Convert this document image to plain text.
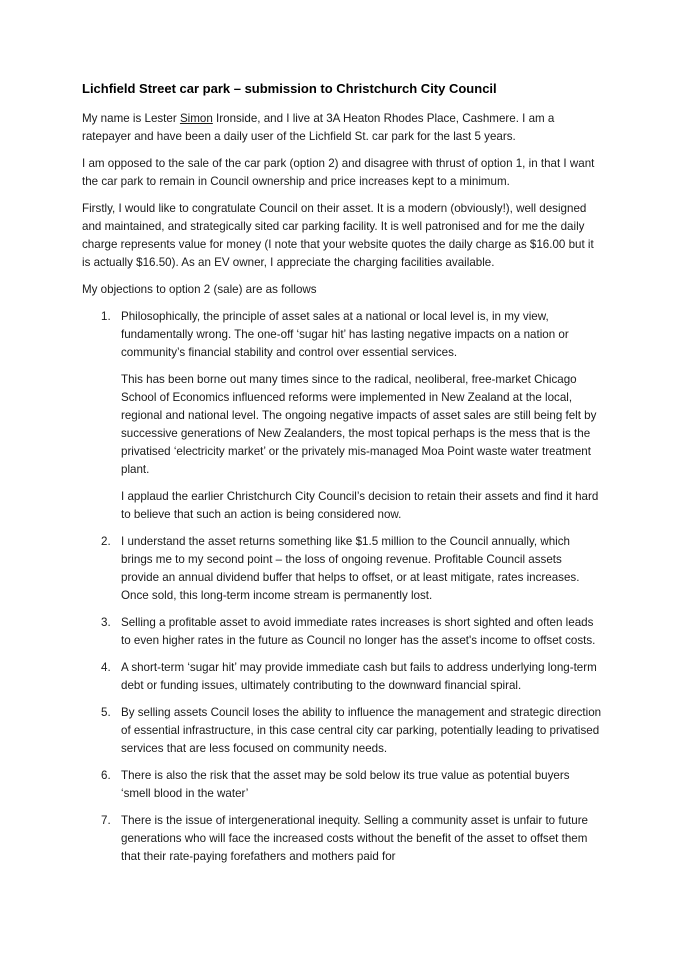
Lichfield Street car park – submission to Christchurch City Council

My name is Lester Simon Ironside, and I live at 3A Heaton Rhodes Place, Cashmere. I am a ratepayer and have been a daily user of the Lichfield St. car park for the last 5 years.

I am opposed to the sale of the car park (option 2) and disagree with thrust of option 1, in that I want the car park to remain in Council ownership and price increases kept to a minimum.

Firstly, I would like to congratulate Council on their asset. It is a modern (obviously!), well designed and maintained, and strategically sited car parking facility. It is well patronised and for me the daily charge represents value for money (I note that your website quotes the daily charge as $16.00 but it is actually $16.50). As an EV owner, I appreciate the charging facilities available.

My objections to option 2 (sale) are as follows

1. Philosophically, the principle of asset sales at a national or local level is, in my view, fundamentally wrong. The one-off ‘sugar hit’ has lasting negative impacts on a nation or community’s financial stability and control over essential services.

This has been borne out many times since to the radical, neoliberal, free-market Chicago School of Economics influenced reforms were implemented in New Zealand at the local, regional and national level. The ongoing negative impacts of asset sales are still being felt by successive generations of New Zealanders, the most topical perhaps is the mess that is the privatised ‘electricity market’ or the privately mis-managed Moa Point waste water treatment plant.

I applaud the earlier Christchurch City Council’s decision to retain their assets and find it hard to believe that such an action is being considered now.

2. I understand the asset returns something like $1.5 million to the Council annually, which brings me to my second point – the loss of ongoing revenue. Profitable Council assets provide an annual dividend buffer that helps to offset, or at least mitigate, rates increases. Once sold, this long-term income stream is permanently lost.

3. Selling a profitable asset to avoid immediate rates increases is short sighted and often leads to even higher rates in the future as Council no longer has the asset's income to offset costs.

4. A short-term ‘sugar hit’ may provide immediate cash but fails to address underlying long-term debt or funding issues, ultimately contributing to the downward financial spiral.

5. By selling assets Council loses the ability to influence the management and strategic direction of essential infrastructure, in this case central city car parking, potentially leading to privatised services that are less focused on community needs.

6. There is also the risk that the asset may be sold below its true value as potential buyers ‘smell blood in the water’

7. There is the issue of intergenerational inequity. Selling a community asset is unfair to future generations who will face the increased costs without the benefit of the asset to offset them that their rate-paying forefathers and mothers paid for
